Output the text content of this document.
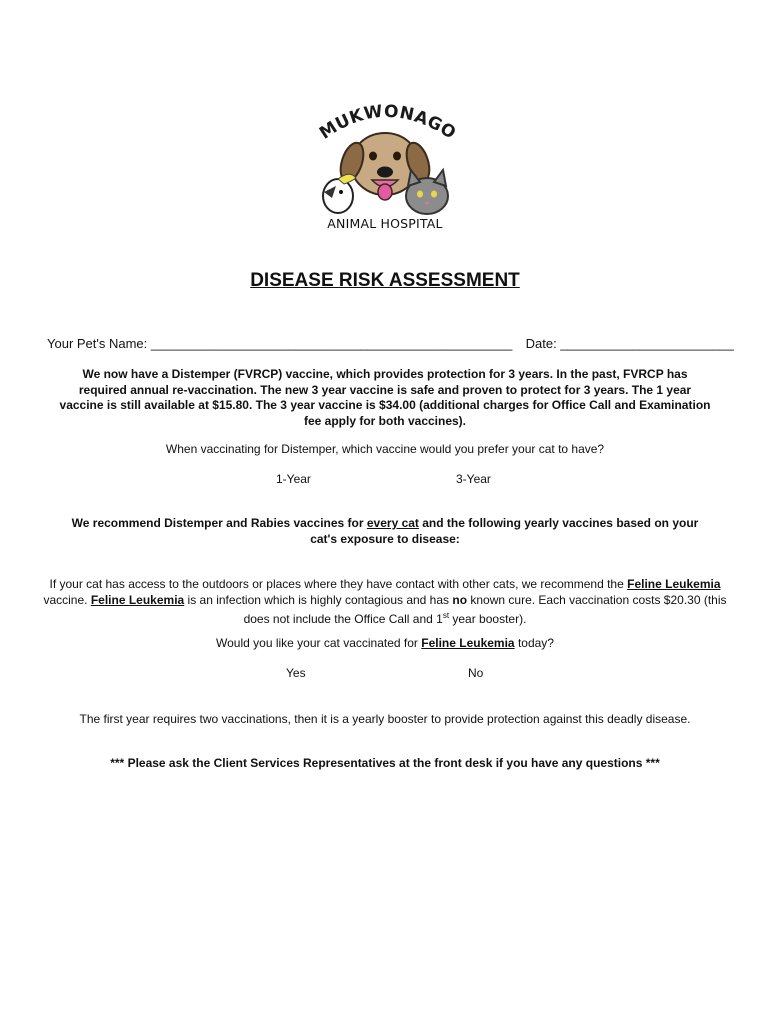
MUKWONAGO
ANIMAL HOSPITAL
DISEASE RISK ASSESSMENT
Your Pet's Name: __________________________________________________ Date: ________________________
We now have a Distemper (FVRCP) vaccine, which provides protection for 3 years. In the past, FVRCP has required annual re-vaccination. The new 3 year vaccine is safe and proven to protect for 3 years. The 1 year vaccine is still available at $15.80. The 3 year vaccine is $34.00 (additional charges for Office Call and Examination fee apply for both vaccines).
When vaccinating for Distemper, which vaccine would you prefer your cat to have?
1-Year	3-Year
We recommend Distemper and Rabies vaccines for every cat and the following yearly vaccines based on your cat's exposure to disease:
If your cat has access to the outdoors or places where they have contact with other cats, we recommend the Feline Leukemia vaccine. Feline Leukemia is an infection which is highly contagious and has no known cure. Each vaccination costs $20.30 (this does not include the Office Call and 1st year booster).
Would you like your cat vaccinated for Feline Leukemia today?
Yes	No
The first year requires two vaccinations, then it is a yearly booster to provide protection against this deadly disease.
*** Please ask the Client Services Representatives at the front desk if you have any questions ***
